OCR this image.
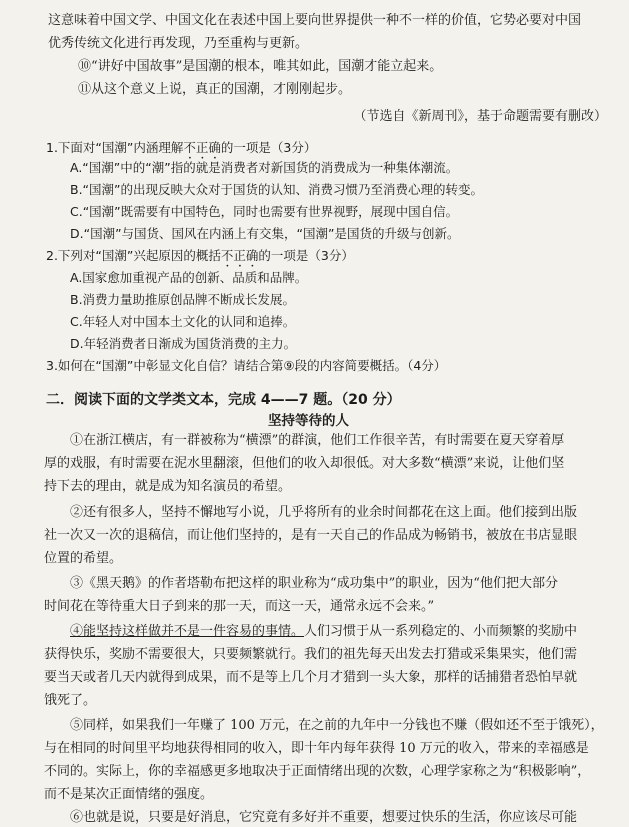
这意味着中国文学、中国文化在表述中国上要向世界提供一种不一样的价值，它势必要对中国
优秀传统文化进行再发现，乃至重构与更新。
⑩“讲好中国故事”是国潮的根本，唯其如此，国潮才能立起来。
⑪从这个意义上说，真正的国潮，才刚刚起步。
（节选自《新周刊》，基于命题需要有删改）
1.下面对“国潮”内涵理解不正确的一项是（3分）
A.“国潮”中的“潮”指的就是消费者对新国货的消费成为一种集体潮流。
B.“国潮”的出现反映大众对于国货的认知、消费习惯乃至消费心理的转变。
C.“国潮”既需要有中国特色，同时也需要有世界视野，展现中国自信。
D.“国潮”与国货、国风在内涵上有交集，“国潮”是国货的升级与创新。
2.下列对“国潮”兴起原因的概括不正确的一项是（3分）
A.国家愈加重视产品的创新、品质和品牌。
B.消费力量助推原创品牌不断成长发展。
C.年轻人对中国本土文化的认同和追捧。
D.年轻消费者日渐成为国货消费的主力。
3.如何在“国潮”中彰显文化自信？请结合第⑨段的内容简要概括。（4分）
二．阅读下面的文学类文本，完成 4——7 题。（20 分）
坚持等待的人
①在浙江横店，有一群被称为“横漂”的群演，他们工作很辛苦，有时需要在夏天穿着厚
厚的戏服，有时需要在泥水里翻滚，但他们的收入却很低。对大多数“横漂”来说，让他们坚
持下去的理由，就是成为知名演员的希望。
②还有很多人，坚持不懈地写小说，几乎将所有的业余时间都花在这上面。他们接到出版
社一次又一次的退稿信，而让他们坚持的，是有一天自己的作品成为畅销书，被放在书店显眼
位置的希望。
③《黑天鹅》的作者塔勒布把这样的职业称为“成功集中”的职业，因为“他们把大部分
时间花在等待重大日子到来的那一天，而这一天，通常永远不会来。”
④能坚持这样做并不是一件容易的事情。人们习惯于从一系列稳定的、小而频繁的奖励中
获得快乐，奖励不需要很大，只要频繁就行。我们的祖先每天出发去打猎或采集果实，他们需
要当天或者几天内就得到成果，而不是等上几个月才猎到一头大象，那样的话捕猎者恐怕早就
饿死了。
⑤同样，如果我们一年赚了 100 万元，在之前的九年中一分钱也不赚（假如还不至于饿死），
与在相同的时间里平均地获得相同的收入，即十年内每年获得 10 万元的收入，带来的幸福感是
不同的。实际上，你的幸福感更多地取决于正面情绪出现的次数，心理学家称之为“积极影响”，
而不是某次正面情绪的强度。
⑥也就是说，只要是好消息，它究竟有多好并不重要，想要过快乐的生活，你应该尽可能
